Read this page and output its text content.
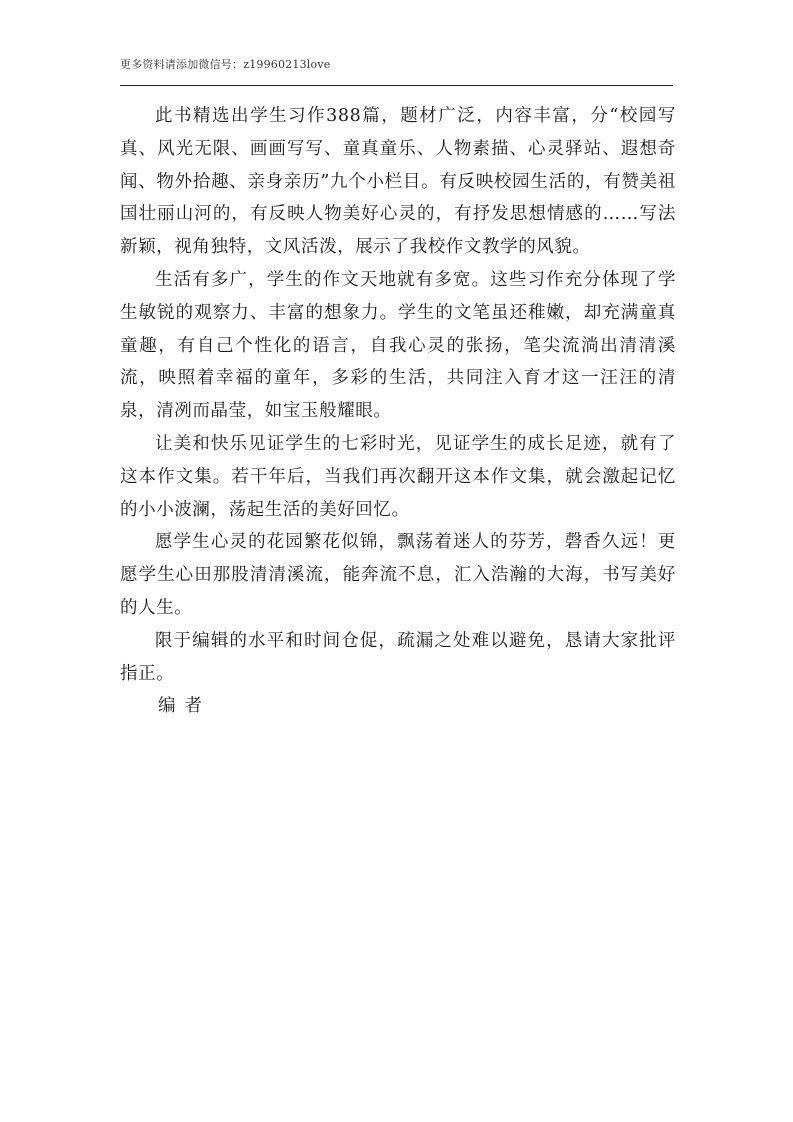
更多资料请添加微信号：z19960213love

此书精选出学生习作388篇，题材广泛，内容丰富，分“校园写真、风光无限、画画写写、童真童乐、人物素描、心灵驿站、遐想奇闻、物外拾趣、亲身亲历”九个小栏目。有反映校园生活的，有赞美祖国壮丽山河的，有反映人物美好心灵的，有抒发思想情感的……写法新颖，视角独特，文风活泼，展示了我校作文教学的风貌。

生活有多广，学生的作文天地就有多宽。这些习作充分体现了学生敏锐的观察力、丰富的想象力。学生的文笔虽还稚嫩，却充满童真童趣，有自己个性化的语言，自我心灵的张扬，笔尖流淌出清清溪流，映照着幸福的童年，多彩的生活，共同注入育才这一汪汪的清泉，清冽而晶莹，如宝玉般耀眼。

让美和快乐见证学生的七彩时光，见证学生的成长足迹，就有了这本作文集。若干年后，当我们再次翻开这本作文集，就会激起记忆的小小波澜，荡起生活的美好回忆。

愿学生心灵的花园繁花似锦，飘荡着迷人的芬芳，磬香久远！更愿学生心田那股清清溪流，能奔流不息，汇入浩瀚的大海，书写美好的人生。

限于编辑的水平和时间仓促，疏漏之处难以避免，恳请大家批评指正。

编者
